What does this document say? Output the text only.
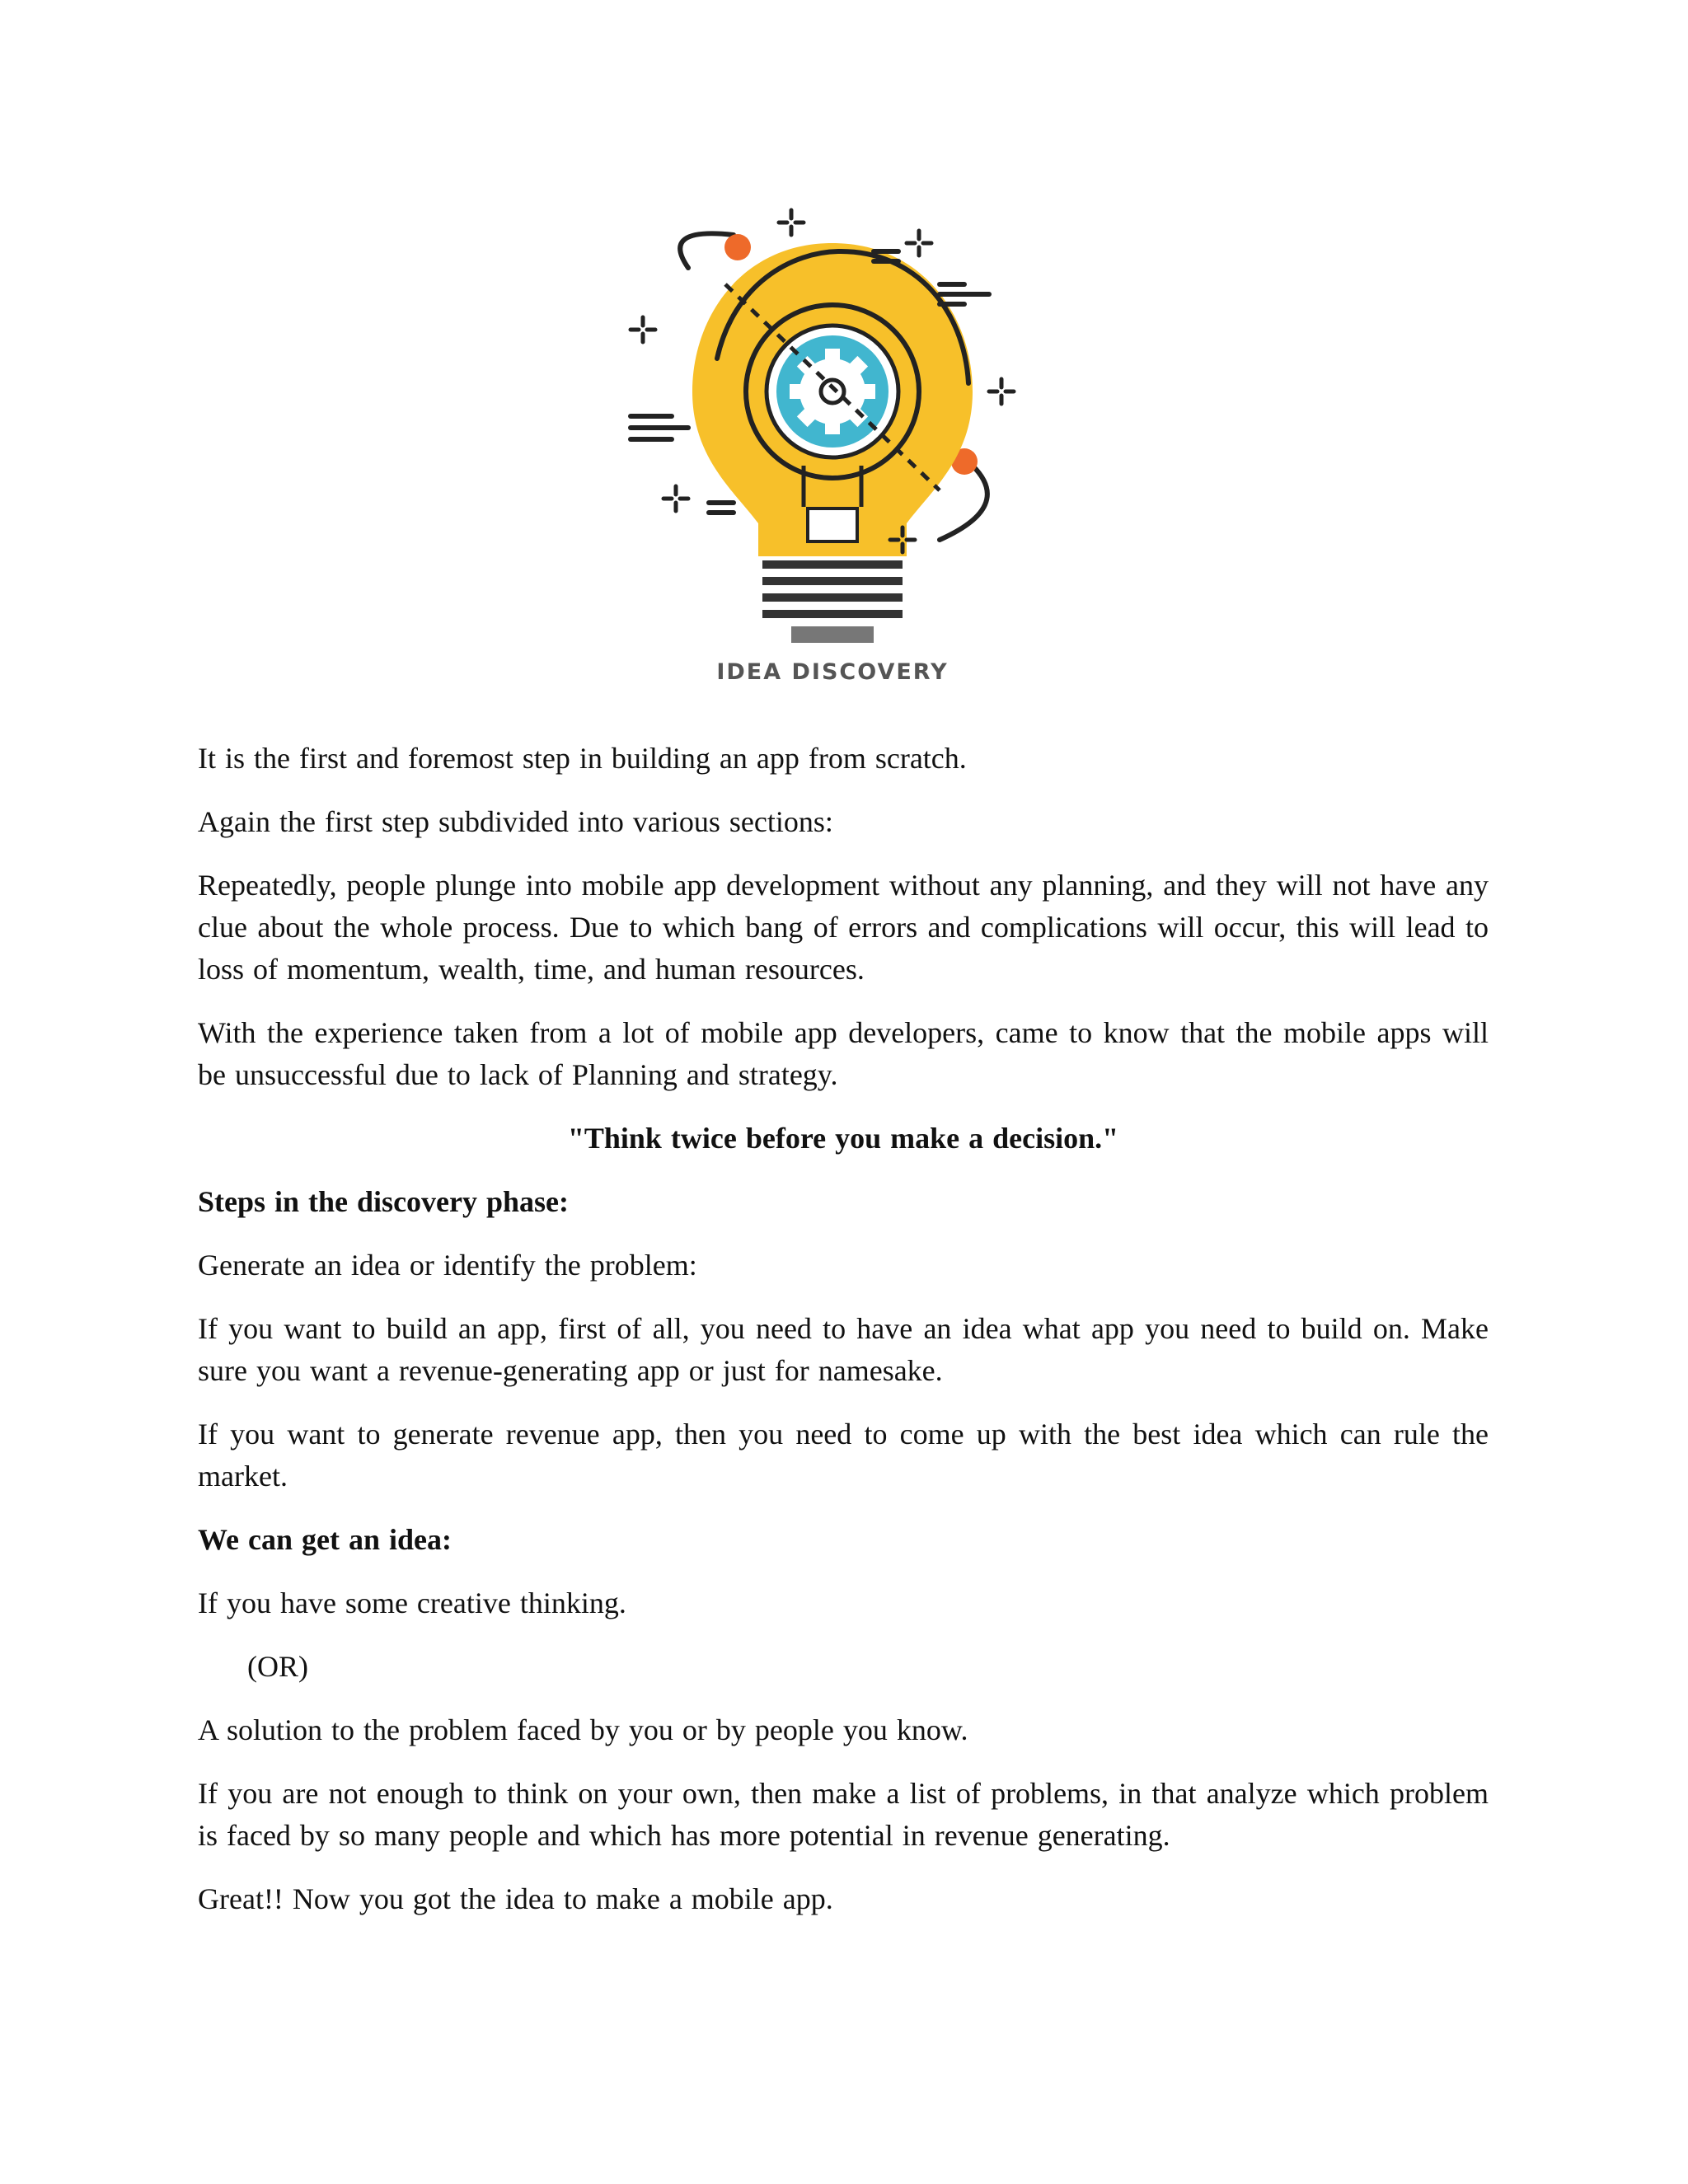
IDEA DISCOVERY

It is the first and foremost step in building an app from scratch.

Again the first step subdivided into various sections:

Repeatedly, people plunge into mobile app development without any planning, and they will not have any clue about the whole process. Due to which bang of errors and complications will occur, this will lead to loss of momentum, wealth, time, and human resources.

With the experience taken from a lot of mobile app developers, came to know that the mobile apps will be unsuccessful due to lack of Planning and strategy.

"Think twice before you make a decision."

Steps in the discovery phase:

Generate an idea or identify the problem:

If you want to build an app, first of all, you need to have an idea what app you need to build on. Make sure you want a revenue-generating app or just for namesake.

If you want to generate revenue app, then you need to come up with the best idea which can rule the market.

We can get an idea:

If you have some creative thinking.

(OR)

A solution to the problem faced by you or by people you know.

If you are not enough to think on your own, then make a list of problems, in that analyze which problem is faced by so many people and which has more potential in revenue generating.

Great!! Now you got the idea to make a mobile app.
